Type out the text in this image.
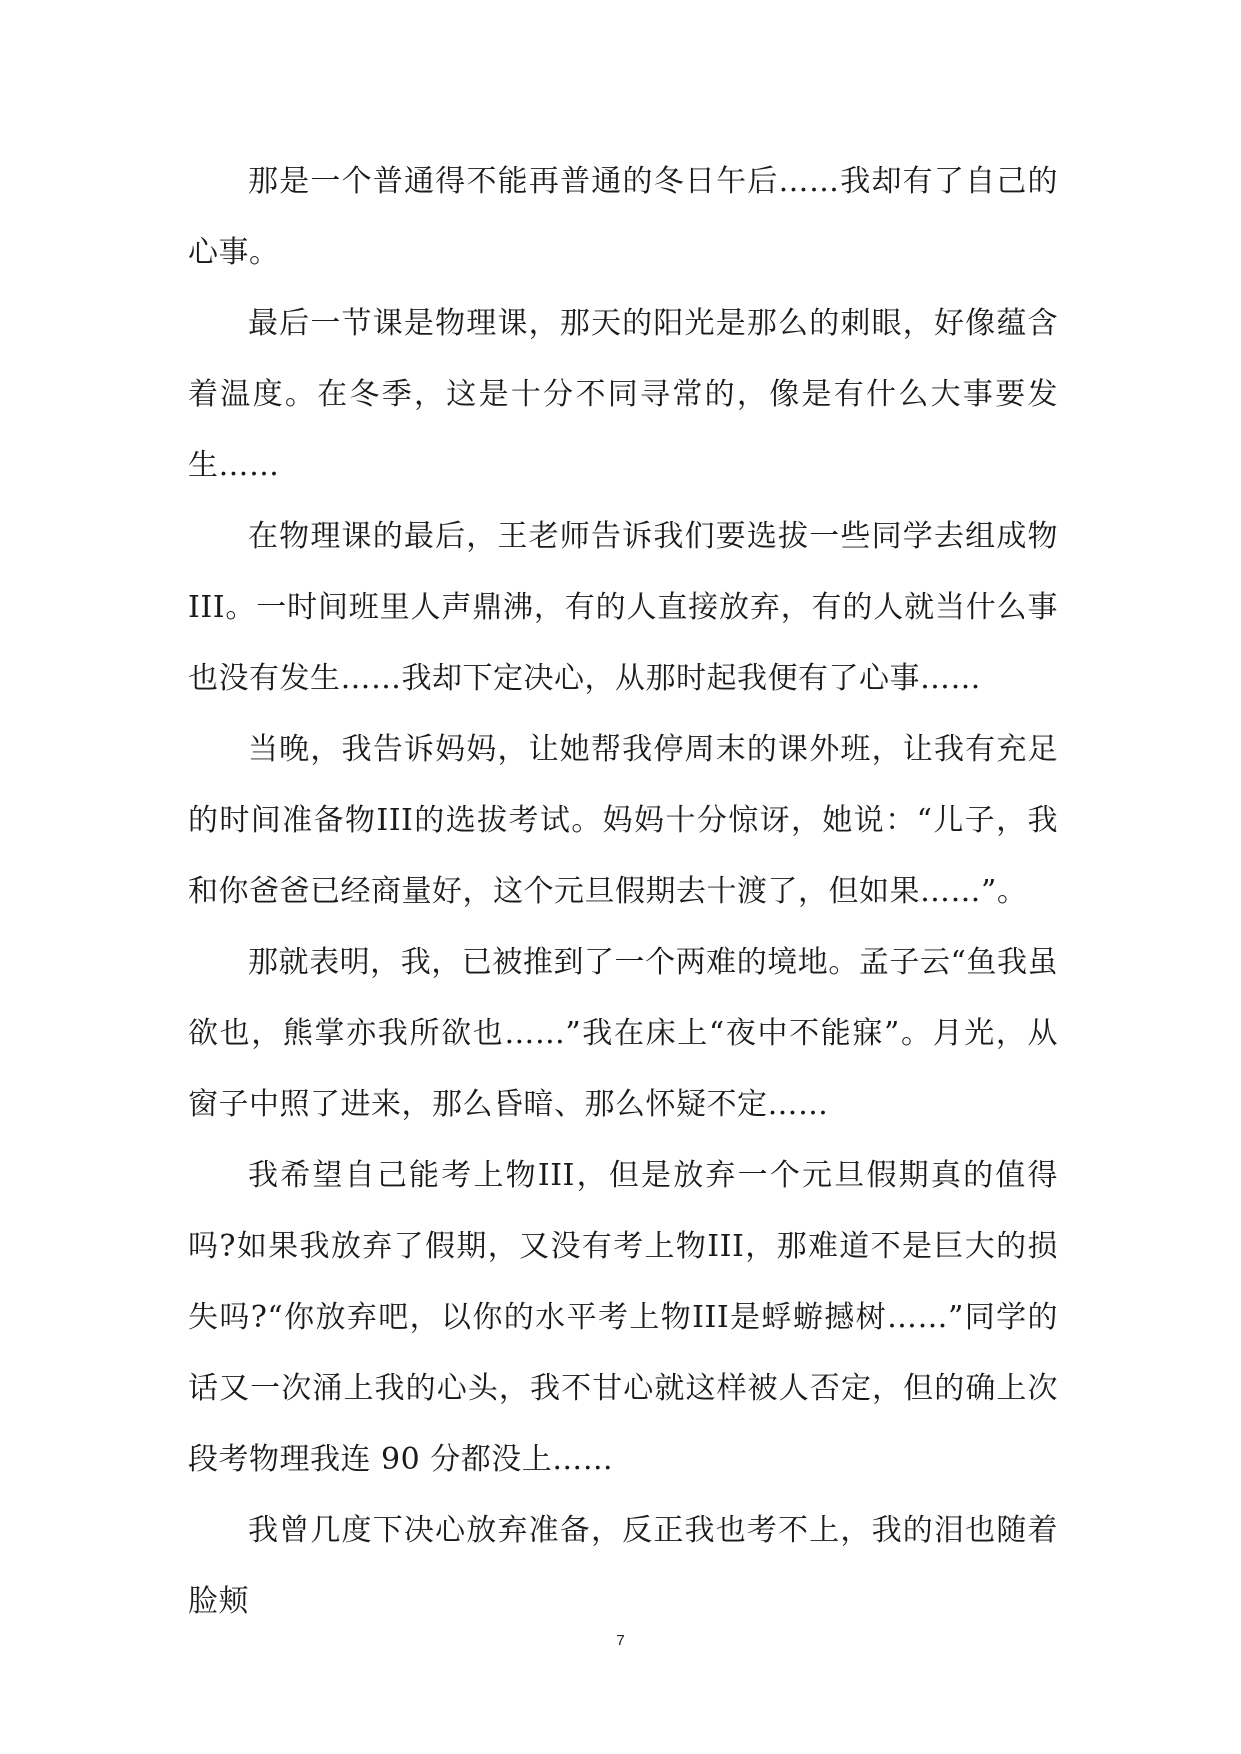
那是一个普通得不能再普通的冬日午后……我却有了自己的心事。

最后一节课是物理课，那天的阳光是那么的刺眼，好像蕴含着温度。在冬季，这是十分不同寻常的，像是有什么大事要发生……

在物理课的最后，王老师告诉我们要选拔一些同学去组成物III。一时间班里人声鼎沸，有的人直接放弃，有的人就当什么事也没有发生……我却下定决心，从那时起我便有了心事……

当晚，我告诉妈妈，让她帮我停周末的课外班，让我有充足的时间准备物III的选拔考试。妈妈十分惊讶，她说：“儿子，我和你爸爸已经商量好，这个元旦假期去十渡了，但如果……”。

那就表明，我，已被推到了一个两难的境地。孟子云“鱼我虽欲也，熊掌亦我所欲也……”我在床上“夜中不能寐”。月光，从窗子中照了进来，那么昏暗、那么怀疑不定……

我希望自己能考上物III，但是放弃一个元旦假期真的值得吗?如果我放弃了假期，又没有考上物III，那难道不是巨大的损失吗?“你放弃吧，以你的水平考上物III是蜉蝣撼树……”同学的话又一次涌上我的心头，我不甘心就这样被人否定，但的确上次段考物理我连 90 分都没上……

我曾几度下决心放弃准备，反正我也考不上，我的泪也随着脸颊

7
